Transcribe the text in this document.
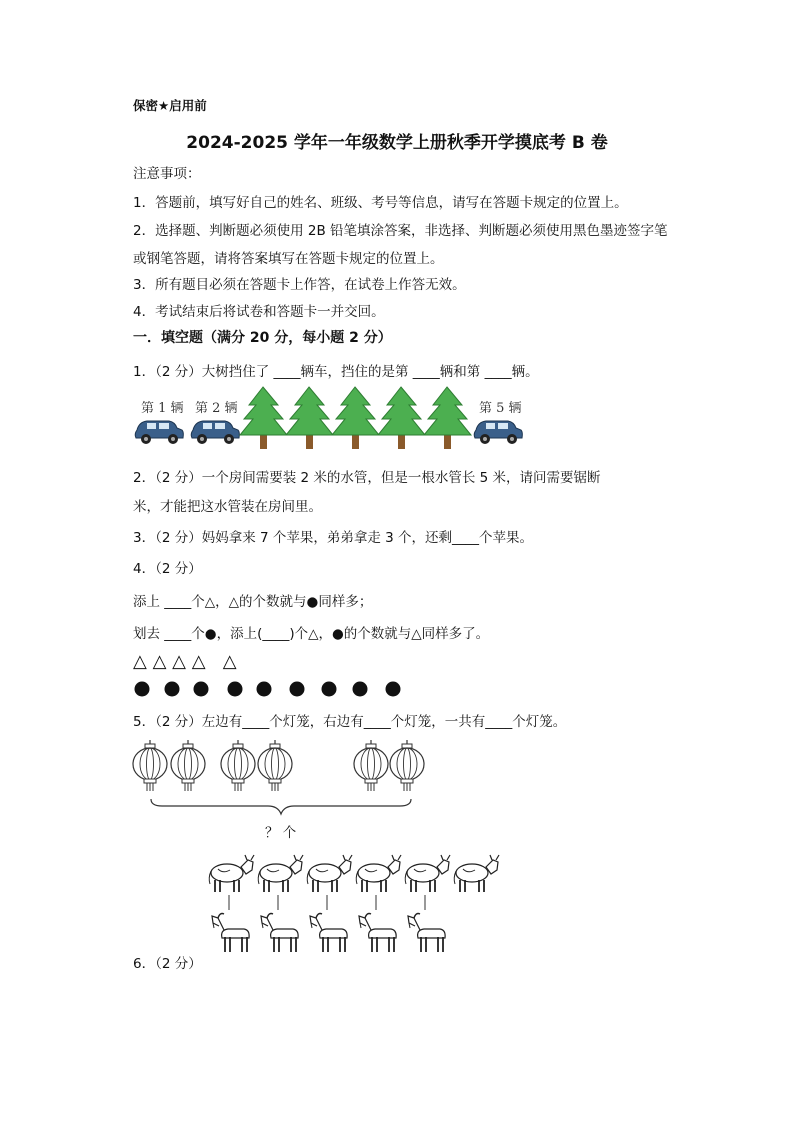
保密★启用前
2024-2025 学年一年级数学上册秋季开学摸底考 B 卷
注意事项：
1．答题前，填写好自己的姓名、班级、考号等信息，请写在答题卡规定的位置上。
2．选择题、判断题必须使用 2B 铅笔填涂答案，非选择、判断题必须使用黑色墨迹签字笔
或钢笔答题，请将答案填写在答题卡规定的位置上。
3．所有题目必须在答题卡上作答，在试卷上作答无效。
4．考试结束后将试卷和答题卡一并交回。
一．填空题（满分 20 分，每小题 2 分）
1．（2 分）大树挡住了 ____辆车，挡住的是第 ____辆和第 ____辆。
第 1 辆 第 2 辆	第 5 辆
2．（2 分）一个房间需要装 2 米的水管，但是一根水管长 5 米，请问需要锯断
米，才能把这水管装在房间里。
3．（2 分）妈妈拿来 7 个苹果，弟弟拿走 3 个，还剩____个苹果。
4．（2 分）
添上 ____个△，△的个数就与●同样多；
划去 ____个●，添上(____)个△，●的个数就与△同样多了。
△ △ △ △   △
5．（2 分）左边有____个灯笼，右边有____个灯笼，一共有____个灯笼。
？ 个
6．（2 分）
